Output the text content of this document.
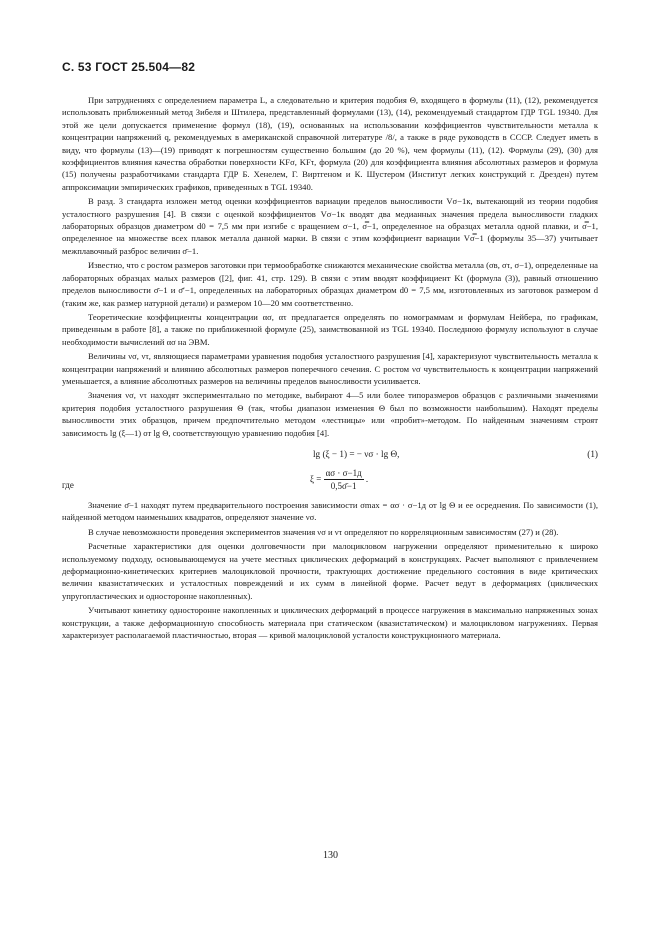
С. 53 ГОСТ 25.504—82

При затруднениях с определением параметра L, а следовательно и критерия подобия Θ, входящего в формулы (11), (12), рекомендуется использовать приближенный метод Зибеля и Штилера, представленный формулами (13), (14), рекомендуемый стандартом ГДР TGL 19340. Для этой же цели допускается применение формул (18), (19), основанных на использовании коэффициентов чувствительности металла к концентрации напряжений q, рекомендуемых в американской справочной литературе /8/, а также в ряде руководств в СССР. Следует иметь в виду, что формулы (13)—(19) приводят к погрешностям существенно большим (до 20 %), чем формулы (11), (12). Формулы (29), (30) для коэффициентов влияния качества обработки поверхности KFσ, KFτ, формула (20) для коэффициента влияния абсолютных размеров и формула (15) получены разработчиками стандарта ГДР Б. Хенелем, Г. Виртгеном и К. Шустером (Институт легких конструкций г. Дрезден) путем аппроксимации эмпирических графиков, приведенных в TGL 19340.

В разд. 3 стандарта изложен метод оценки коэффициентов вариации пределов выносливости Vσ−1к, вытекающий из теории подобия усталостного разрушения [4]. В связи с оценкой коэффициентов Vσ−1к вводят два медианных значения предела выносливости гладких лабораторных образцов диаметром d0 = 7,5 мм при изгибе с вращением σ−1, σ̿−1, определенное на образцах металла одной плавки, и σ̿−1, определенное на множестве всех плавок металла данной марки. В связи с этим коэффициент вариации Vσ̿−1 (формулы 35—37) учитывает межплавочный разброс величин σ̄−1.

Известно, что с ростом размеров заготовки при термообработке снижаются механические свойства металла (σв, στ, σ−1), определенные на лабораторных образцах малых размеров ([2], фиг. 41, стр. 129). В связи с этим вводят коэффициент Kt (формула (3)), равный отношению пределов выносливости σ̄−1 и σ̄′−1, определенных на лабораторных образцах диаметром d0 = 7,5 мм, изготовленных из заготовок размером d (таким же, как размер натурной детали) и размером 10—20 мм соответственно.

Теоретические коэффициенты концентрации ασ, ατ предлагается определять по номограммам и формулам Нейбера, по графикам, приведенным в работе [8], а также по приближенной формуле (25), заимствованной из TGL 19340. Последнюю формулу используют в случае необходимости вычислений ασ на ЭВМ.

Величины νσ, ντ, являющиеся параметрами уравнения подобия усталостного разрушения [4], характеризуют чувствительность металла к концентрации напряжений и влиянию абсолютных размеров поперечного сечения. С ростом νσ чувствительность к концентрации напряжений уменьшается, а влияние абсолютных размеров на величины пределов выносливости усиливается.

Значения νσ, ντ находят экспериментально по методике, выбирают 4—5 или более типоразмеров образцов с различными значениями критерия подобия усталостного разрушения Θ (так, чтобы диапазон изменения Θ был по возможности наибольшим). Находят пределы выносливости этих образцов, причем предпочтительно методом «лестницы» или «пробит»-методом. По найденным значениям строят зависимость lg (ξ—1) от lg Θ, соответствующую уравнению подобия [4].

lg (ξ − 1) = − νσ · lg Θ,	(1)
где
$\xi = \frac{\alpha\sigma \cdot \sigma-1д}{0,5\sigmā-1}$ .

Значение σ̄−1 находят путем предварительного построения зависимости σmax = ασ · σ−1д от lg Θ и ее осреднения. По зависимости (1), найденной методом наименьших квадратов, определяют значение νσ.

В случае невозможности проведения экспериментов значения νσ и ντ определяют по корреляционным зависимостям (27) и (28).

Расчетные характеристики для оценки долговечности при малоцикловом нагружении определяют применительно к широко используемому подходу, основывающемуся на учете местных циклических деформаций в конструкциях. Расчет выполняют с привлечением деформационно-кинетических критериев малоцикловой прочности, трактующих достижение предельного состояния в виде критических величин квазистатических и усталостных повреждений и их сумм в линейной форме. Расчет ведут в деформациях (циклических упругопластических и односторонне накопленных).

Учитывают кинетику односторонне накопленных и циклических деформаций в процессе нагружения в максимально напряженных зонах конструкции, а также деформационную способность материала при статическом (квазистатическом) и малоцикловом нагружениях. Первая характеризует располагаемой пластичностью, вторая — кривой малоцикловой усталости конструкционного материала.

130
